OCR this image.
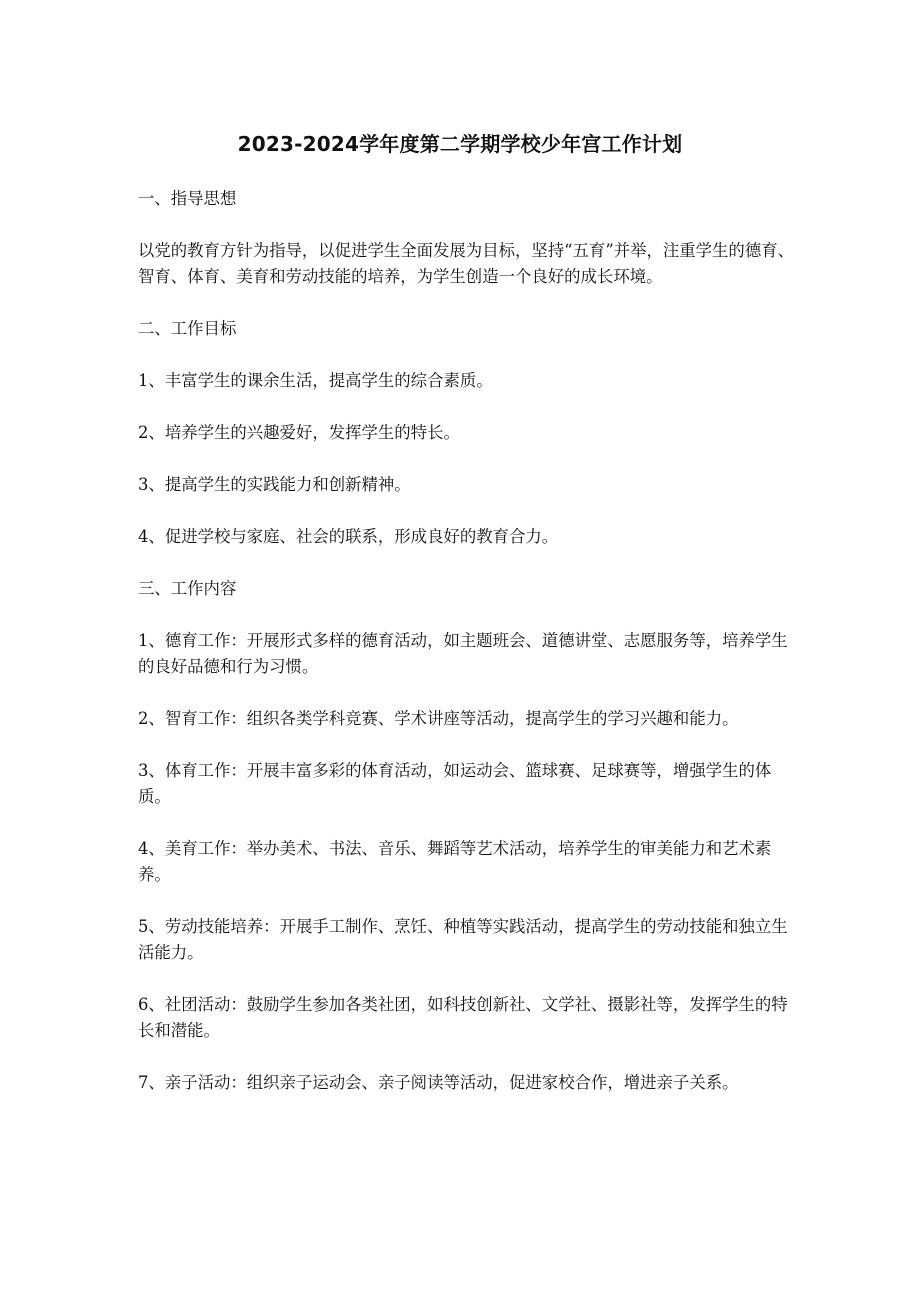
2023-2024学年度第二学期学校少年宫工作计划
一、指导思想
以党的教育方针为指导，以促进学生全面发展为目标，坚持“五育”并举，注重学生的德育、智育、体育、美育和劳动技能的培养，为学生创造一个良好的成长环境。
二、工作目标
1、丰富学生的课余生活，提高学生的综合素质。
2、培养学生的兴趣爱好，发挥学生的特长。
3、提高学生的实践能力和创新精神。
4、促进学校与家庭、社会的联系，形成良好的教育合力。
三、工作内容
1、德育工作：开展形式多样的德育活动，如主题班会、道德讲堂、志愿服务等，培养学生的良好品德和行为习惯。
2、智育工作：组织各类学科竞赛、学术讲座等活动，提高学生的学习兴趣和能力。
3、体育工作：开展丰富多彩的体育活动，如运动会、篮球赛、足球赛等，增强学生的体质。
4、美育工作：举办美术、书法、音乐、舞蹈等艺术活动，培养学生的审美能力和艺术素养。
5、劳动技能培养：开展手工制作、烹饪、种植等实践活动，提高学生的劳动技能和独立生活能力。
6、社团活动：鼓励学生参加各类社团，如科技创新社、文学社、摄影社等，发挥学生的特长和潜能。
7、亲子活动：组织亲子运动会、亲子阅读等活动，促进家校合作，增进亲子关系。
